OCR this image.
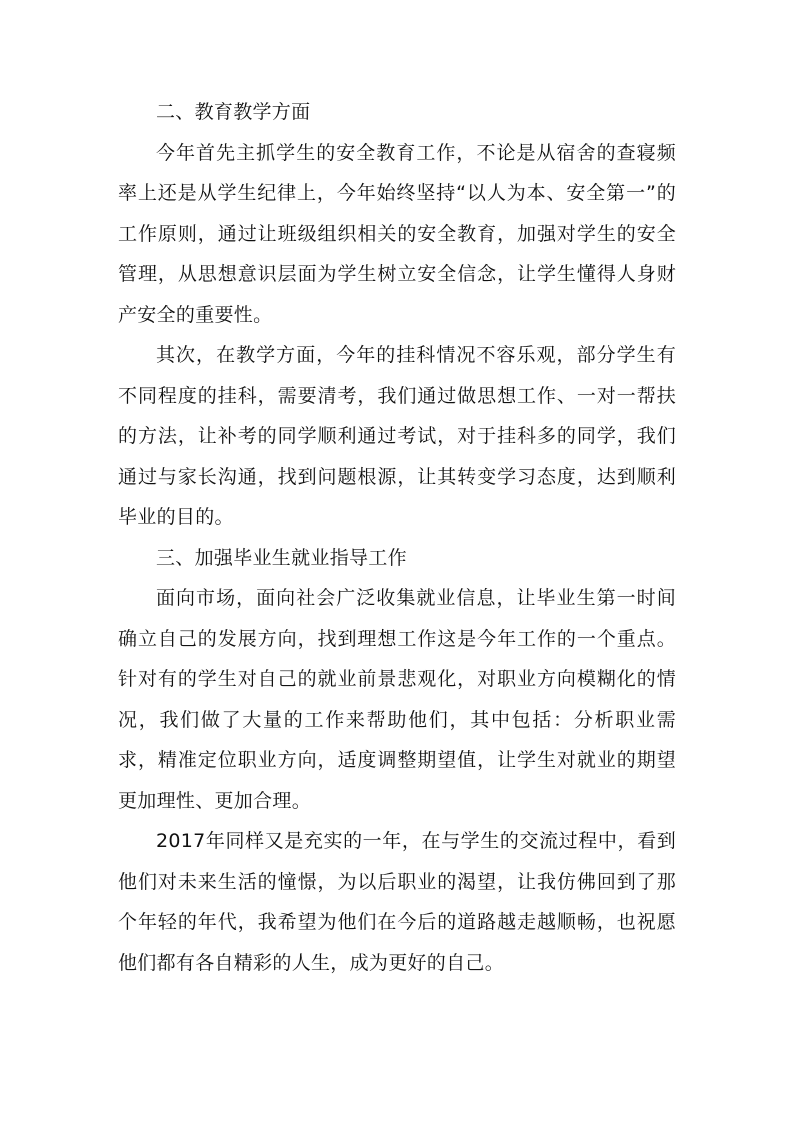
二、教育教学方面

今年首先主抓学生的安全教育工作，不论是从宿舍的查寝频率上还是从学生纪律上，今年始终坚持“以人为本、安全第一”的工作原则，通过让班级组织相关的安全教育，加强对学生的安全管理，从思想意识层面为学生树立安全信念，让学生懂得人身财产安全的重要性。

其次，在教学方面，今年的挂科情况不容乐观，部分学生有不同程度的挂科，需要清考，我们通过做思想工作、一对一帮扶的方法，让补考的同学顺利通过考试，对于挂科多的同学，我们通过与家长沟通，找到问题根源，让其转变学习态度，达到顺利毕业的目的。

三、加强毕业生就业指导工作

面向市场，面向社会广泛收集就业信息，让毕业生第一时间确立自己的发展方向，找到理想工作这是今年工作的一个重点。针对有的学生对自己的就业前景悲观化，对职业方向模糊化的情况，我们做了大量的工作来帮助他们，其中包括：分析职业需求，精准定位职业方向，适度调整期望值，让学生对就业的期望更加理性、更加合理。

2017年同样又是充实的一年，在与学生的交流过程中，看到他们对未来生活的憧憬，为以后职业的渴望，让我仿佛回到了那个年轻的年代，我希望为他们在今后的道路越走越顺畅，也祝愿他们都有各自精彩的人生，成为更好的自己。
